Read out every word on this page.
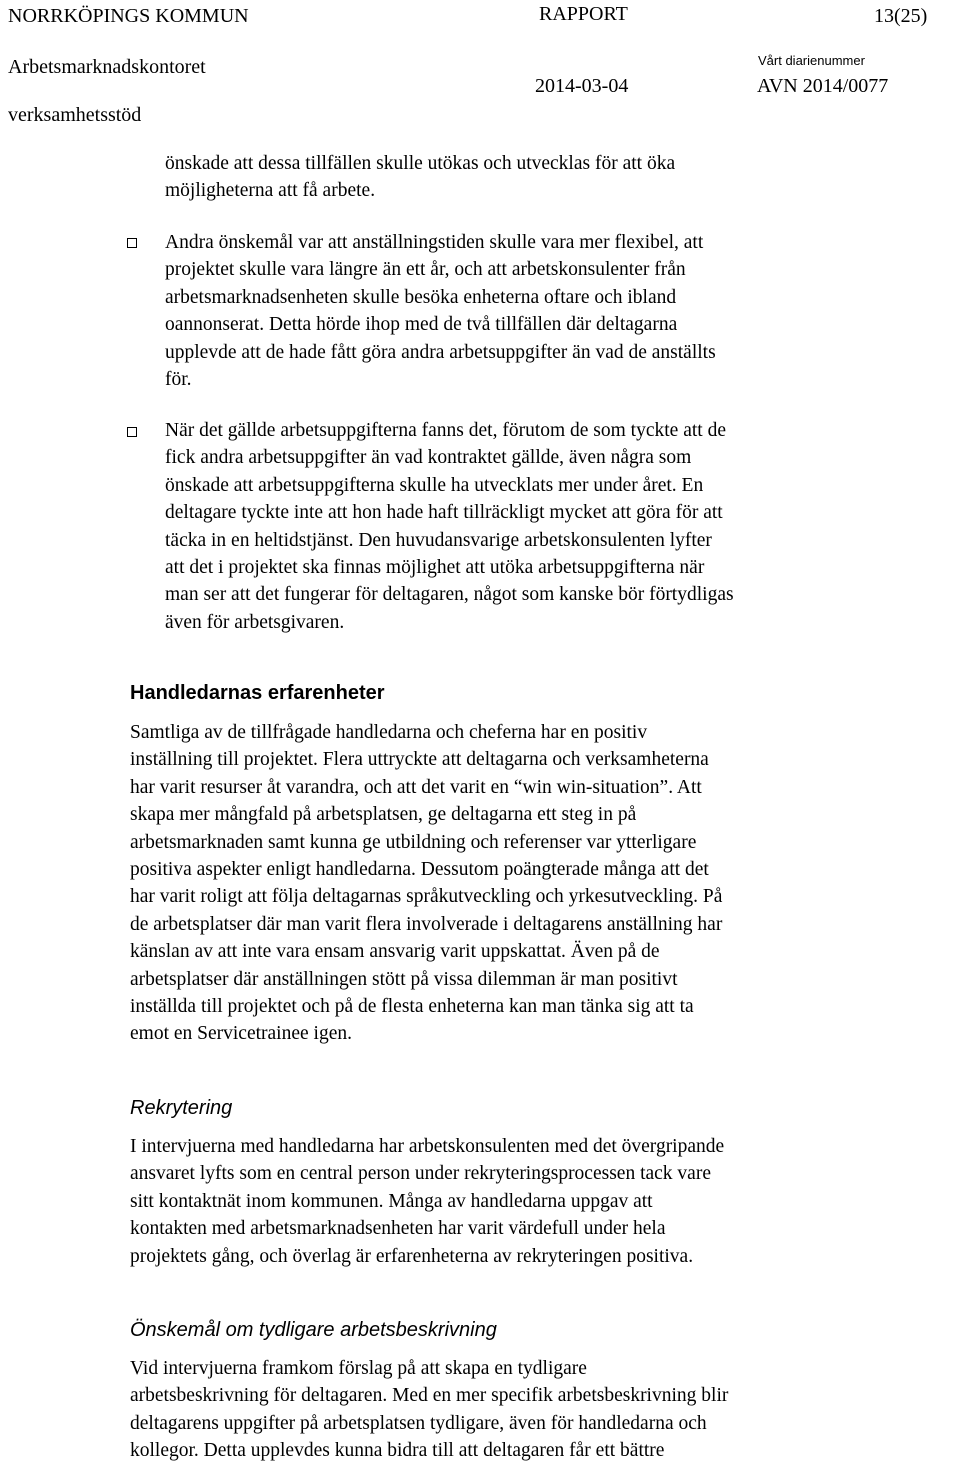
NORRKÖPINGS KOMMUN	RAPPORT	13(25)
Arbetsmarknadskontoret	Vårt diarienummer
2014-03-04	AVN 2014/0077
verksamhetsstöd
önskade att dessa tillfällen skulle utökas och utvecklas för att öka
möjligheterna att få arbete.
Andra önskemål var att anställningstiden skulle vara mer flexibel, att
projektet skulle vara längre än ett år, och att arbetskonsulenter från
arbetsmarknadsenheten skulle besöka enheterna oftare och ibland
oannonserat. Detta hörde ihop med de två tillfällen där deltagarna
upplevde att de hade fått göra andra arbetsuppgifter än vad de anställts
för.
När det gällde arbetsuppgifterna fanns det, förutom de som tyckte att de
fick andra arbetsuppgifter än vad kontraktet gällde, även några som
önskade att arbetsuppgifterna skulle ha utvecklats mer under året. En
deltagare tyckte inte att hon hade haft tillräckligt mycket att göra för att
täcka in en heltidstjänst. Den huvudansvarige arbetskonsulenten lyfter
att det i projektet ska finnas möjlighet att utöka arbetsuppgifterna när
man ser att det fungerar för deltagaren, något som kanske bör förtydligas
även för arbetsgivaren.
Handledarnas erfarenheter
Samtliga av de tillfrågade handledarna och cheferna har en positiv
inställning till projektet. Flera uttryckte att deltagarna och verksamheterna
har varit resurser åt varandra, och att det varit en “win win-situation”. Att
skapa mer mångfald på arbetsplatsen, ge deltagarna ett steg in på
arbetsmarknaden samt kunna ge utbildning och referenser var ytterligare
positiva aspekter enligt handledarna. Dessutom poängterade många att det
har varit roligt att följa deltagarnas språkutveckling och yrkesutveckling. På
de arbetsplatser där man varit flera involverade i deltagarens anställning har
känslan av att inte vara ensam ansvarig varit uppskattat. Även på de
arbetsplatser där anställningen stött på vissa dilemman är man positivt
inställda till projektet och på de flesta enheterna kan man tänka sig att ta
emot en Servicetrainee igen.
Rekrytering
I intervjuerna med handledarna har arbetskonsulenten med det övergripande
ansvaret lyfts som en central person under rekryteringsprocessen tack vare
sitt kontaktnät inom kommunen. Många av handledarna uppgav att
kontakten med arbetsmarknadsenheten har varit värdefull under hela
projektets gång, och överlag är erfarenheterna av rekryteringen positiva.
Önskemål om tydligare arbetsbeskrivning
Vid intervjuerna framkom förslag på att skapa en tydligare
arbetsbeskrivning för deltagaren. Med en mer specifik arbetsbeskrivning blir
deltagarens uppgifter på arbetsplatsen tydligare, även för handledarna och
kollegor. Detta upplevdes kunna bidra till att deltagaren får ett bättre
